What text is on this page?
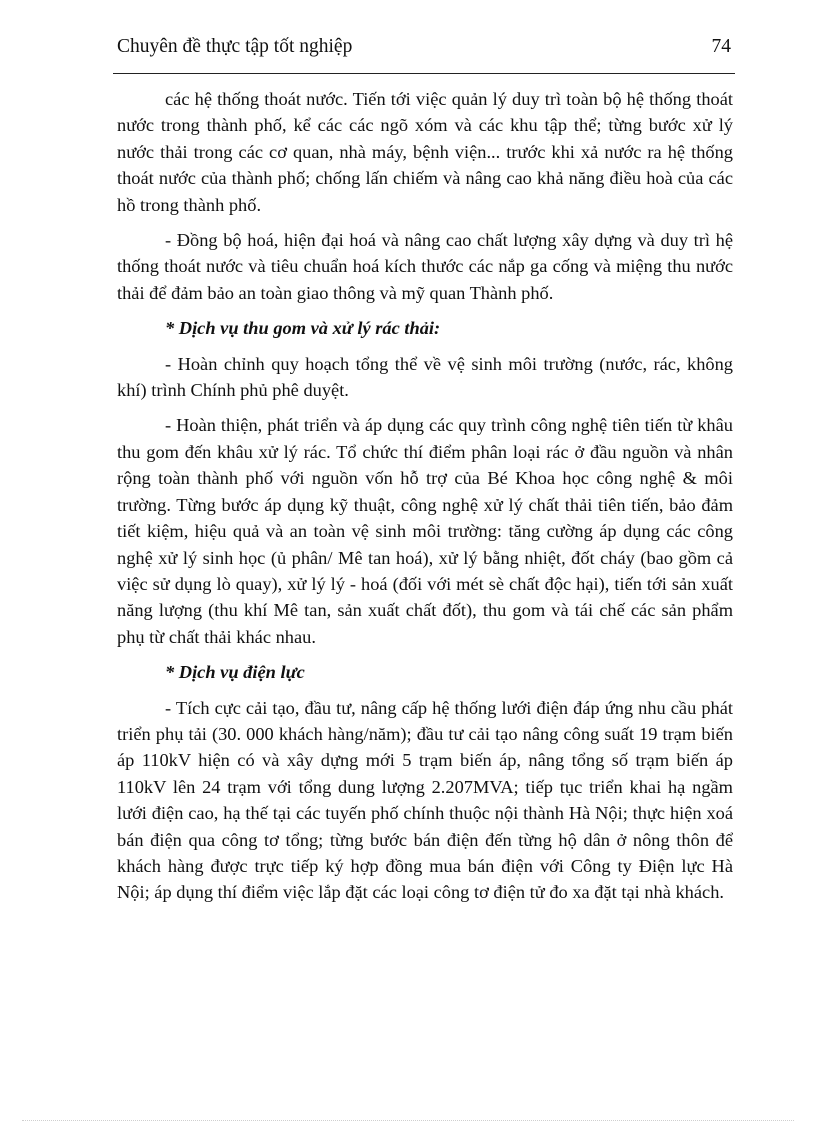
Chuyên đề thực tập tốt nghiệp	74

các hệ thống thoát nước. Tiến tới việc quản lý duy trì toàn bộ hệ thống thoát nước trong thành phố, kể các các ngõ xóm và các khu tập thể; từng bước xử lý nước thải trong các cơ quan, nhà máy, bệnh viện... trước khi xả nước ra hệ thống thoát nước của thành phố; chống lấn chiếm và nâng cao khả năng điều hoà của các hồ trong thành phố.

- Đồng bộ hoá, hiện đại hoá và nâng cao chất lượng xây dựng và duy trì hệ thống thoát nước và tiêu chuẩn hoá kích thước các nắp ga cống và miệng thu nước thải để đảm bảo an toàn giao thông và mỹ quan Thành phố.

* Dịch vụ thu gom và xử lý rác thải:

- Hoàn chỉnh quy hoạch tổng thể về vệ sinh môi trường (nước, rác, không khí) trình Chính phủ phê duyệt.

- Hoàn thiện, phát triển và áp dụng các quy trình công nghệ tiên tiến từ khâu thu gom đến khâu xử lý rác. Tổ chức thí điểm phân loại rác ở đầu nguồn và nhân rộng toàn thành phố với nguồn vốn hỗ trợ của Bé Khoa học công nghệ & môi trường. Từng bước áp dụng kỹ thuật, công nghệ xử lý chất thải tiên tiến, bảo đảm tiết kiệm, hiệu quả và an toàn vệ sinh môi trường: tăng cường áp dụng các công nghệ xử lý sinh học (ủ phân/ Mê tan hoá), xử lý bằng nhiệt, đốt cháy (bao gồm cả việc sử dụng lò quay), xử lý lý - hoá (đối với mét sè chất độc hại), tiến tới sản xuất năng lượng (thu khí Mê tan, sản xuất chất đốt), thu gom và tái chế các sản phẩm phụ từ chất thải khác nhau.

* Dịch vụ điện lực

- Tích cực cải tạo, đầu tư, nâng cấp hệ thống lưới điện đáp ứng nhu cầu phát triển phụ tải (30. 000 khách hàng/năm); đầu tư cải tạo nâng công suất 19 trạm biến áp 110kV hiện có và xây dựng mới 5 trạm biến áp, nâng tổng số trạm biến áp 110kV lên 24 trạm với tổng dung lượng 2.207MVA; tiếp tục triển khai hạ ngầm lưới điện cao, hạ thế tại các tuyến phố chính thuộc nội thành Hà Nội; thực hiện xoá bán điện qua công tơ tổng; từng bước bán điện đến từng hộ dân ở nông thôn để khách hàng được trực tiếp ký hợp đồng mua bán điện với Công ty Điện lực Hà Nội; áp dụng thí điểm việc lắp đặt các loại công tơ điện tử đo xa đặt tại nhà khách.
